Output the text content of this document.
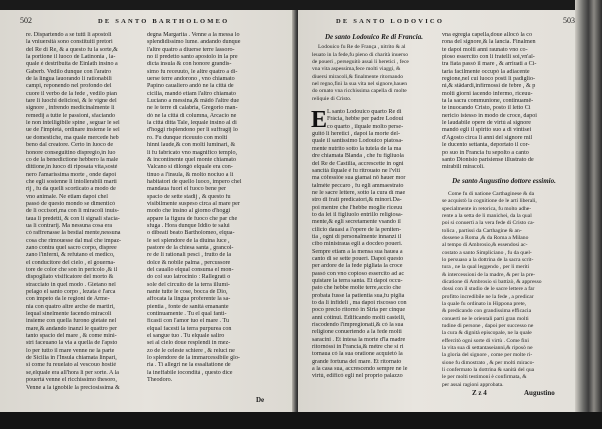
502	DE SANTO BARTHOLOMEO
re. Dispartendo a se tutti li apostoli
la vniuersità sono constituiti pretori
del Re di Re, & a questo fu la sorte,&
la portione il luoco de Latinonia , la-
quale è destribuita de Einlath insino a
Gaberb. Vedilo dunque con l'aratro
de la lingua lauorando li rationabili
campi, reponendo nel profondo del
cuore il verbo de la fede , vedilo pian
tare li luochi deliciosi, & le vigne del
signore , infrendo medicinalmente li
remedij a tutte le passioni, sfaciando
le non intelligibile spine , seguar le sel
ue de l'impietà, ordinare insieme le sel
ue domestiche, ma quale mercede heb
beno dal creatore. Certo in luoco de
honore conseguitino dispregio,in luo
co de la benedictione hebbero la male
dittione,in luoco di riposata vita,sostè
nero l'amarissima morte , onde dapoi
che egli sostenne li intollerabili marti
rij , fu da quelli scorticato a modo de
vno animale. Ne etiam dapoi chel
passò de questo mondo se dimenticò
de li occisori,ma con li miracoli inuis-
taua li predetti, & con li signali sfacia-
ua li contrarij. Ma nessuna cosa era
cò raffrenasse la bestial mente,nessuna
cosa che rimouesse dal mal che impaz-
zano contra quel sacro corpo, dispree
zano l'inferni, & refutano el medico,
el conducitore del cielo , el gouerna-
tore de color che son in pericolo ,& il
dispogliato visificatore del morto &
stracciato in quel modo . Gietano nel
pelago el santo corpo , lezata è l'arca
con impeto da le regioni de Arme-
nia con quatro altre arche de martiri,
lequal sinelmente facendo miracoli
insieme con quella furono gietate nel
mare,& andando inanzi le quattro per
tanto spacio del mare , & come mini-
stri faceuano la via a quella de l'apsto
lo per tutto il mare venne ne la parte
de Sicilia in l'Insula chiamata linpari,
si come fu reuelato al vescouo hostiè
se,elquale era all'hora li per sorte. A la
pouertà venne el ricchissimo thesoro,
Venne a la ignobile la preciosissima &
degna Margarita . Venne a la messa lo
splendidissimo lume. andando dunque
l'altre quatro a diuerse terre lassoro-
no il predetto santo apostolo in la pre
dicta insula & con honore grandis-
simo fu receuuto, le altre quatro a di-
uerse terre andorono , vno chiamato
Papino caualiero andò ne la città de
cicilia, mandò etiam l'altro chiamato
Luciano a messina,& mādò l'altre due
ne le terre di calabria, Gregorio man-
dò ne la città di columna, Arcacio ne
la città ditta Tale, lequale insino al di
d'hoggi risplendono per li suffragij lo
ro. Fu dunque riceuuto con molti
hinni laude,& con molti luminari, &
li fu fabricato vno magnifico templo,
& incontinente quel monte chiamato
Valcano si dilongò elquale era con-
tinuo a l'insula, & molto nociuo a li
habitatori de quello luoco, impero chel
mandaua fuori el fuoco bene per
spacio de sette stadij , & questo fu
visibilmente suspeso circa al mare per
modo che insino al giorno d'hoggi
appare la figura de fuoco che par che
sfuga . Hora dunque Iddio te salui
o dibeati beato Bartholomeo, elqua-
le sei splendore de la diuina luce ,
pastore de la chiesa santa , grancol-
re de li rationali pesci , frutto de la
dolce & nobile palma , percussore
del cauallo elqual consuma el mon-
do col suo latrocinio : Rallegrati o
sole del circuito de la terra illumi-
nante tutte le cose, bocca de Dio,
affocata la lingua proferente la sa-
pientia , fonte de sanità emanante
continuamente . Tu el qual fanti-
ficasti con l'amor tuo el mare . Tu
elqual facesti la terra purpurea con
el sangue tuo . Tu elquale saliro
sei al cielo doue resplendi in mez-
zo de le celeste schiere , & reluci ne
lo splendore de la immarcessibile glo-
ria . Ti allegri ne la essaltatione de
la ineffabile iocondità , questo dice
Theodoro.
De
DE SANTO LODOVICO	503
De santo Lodouico Re di Francia.
Lodouico fu Re de França , nitrito & al
leuato in la fede,fu pieno di charità inuerso
de poueri , perseguitò assai li heretici , fece
vna vita aspessima,fece molti viaggi, &
diuersi miracoli,& finalmente ritornando
nel regno,finì la sua vita nel signore,hauen
do ornato vna ricchissima capella di molte
reliquie di Cristo.
E L santo Lodouico quarto Re di
Fràcia, hebbe per padre Lodoui
co quarto , ilquale molto perse-
guitò li heretici , dapoi la morte del-
quale il santissimo Lodouico piatosa-
mente nutrito sotto la tutela de la ma
dre chiamata Blanda , che fu figliuola
del Re de Castilia, accrescette in ogni
sancità ilquale è fu ritrouato ne l'vlti
ma còfessiòe sua giamai nō hauer mor
talmète peccaro , fu egli ammaestrato
ne le sacre lettere, sotto la cura dì mae
stro di frati predicatori,& minori.Da-
poi mentre che l'hebbe moglie riceuu
to da lei il figliuolo entrillo religiosa-
mente,& egli secretamente vsando il
cilicio dauasi a l'opere de la peniten-
tia , ogni dì personalmente innanzi il
cibo ministraua egli a docdeo poueri.
Sempre etiam a la mensa sua hauea a
canto di se sette poueri. Dapoi questo
per ardore de la fede pigliata la croce
passò con vno copioso essercito ad ac
quistare la terra santa. Et dapoi occu-
pato che hebbe molte terre,accio che
probata fusse la patientia sua,fu piglia
to da li infideli , ma dapoi riscosso con
poco precio ritornò in Siria per cinque
anni còtinui. Edificando molti castelli,
riscodendo l'impregionati,& cò la sua
religione conuertendo a la fede molti
saracini . Et intesa la morte d'la madre
ritornòssi in Francia,& mètre che si ri
tornaua cò la sua oratione acquietò la
grande fortuna del mare. Et ritornato
a la casa sua, accrescendo sempre ne le
virtù, edificò egli nel proprio palazzo
vna egregia capella,doue allocò la co
rona del signore,& la lancia. Finalmen
te dapoi molti anni raunato vno co-
pioso essercito con li fratelli soi,vn'al-
tra fiata passò il mare , & arriuati a Ci-
taria facilmente occupò la adiacente
regione,nel cui luoco posti li padiglio-
ni,& stādardi,infirmossi de febre , & p
molti giorni iacendo infermo, riceuu-
ta la sacra communione, continuamē-
te inuocando Cristo, posto il letto Ci
nericio istesso in modo de croce, dapoi
le laudabile opere de virtù al signore
mandò egli il spirito suo a di vintisei
d'Agosto circa li anni del signore mil
le ducento settanta, deportato il cor-
po suo in Francia fu sepolto a canto
santo Dionisio parisiense illustrato de
mirabili miracoli.
De santo Augustino dottore essimio.
Come fu di natione Carthaginese & da
se acquistò la cognitione de le arti liberali,
specialmente in retorica, fu molto adhe-
rente a la setta de li manichei, da la qual
poi si conuertì a la vera fede di Cristo ca-
tolica , partissi da Carthagine & an-
dossene a Roma ,& da Roma a Milano
al tempo di Ambrosio,& essendosi ac-
costato a santo Simpliciano , fu da quel-
lo persuaso a la dottrina de la sacra scrit-
tura , ne la qual leggendo , per li meriti
& intercessioni de la madre, & per la pre-
dicatione di Ambrosio si battizò, & appresso
dossi con il studio de le sacre lettere a far
profitto incredibile ne la fede , a predicar
la quale fu ordinato in Hippona prete,
& predicando con grandissima efficacia
conuertì ne le orientali parti gran molti
tudine di persone , dapoi per successo ne
la cura & dignità episcopale, ne la quale
effercitò ogni sorte di virtù . Come fini
la vita sua di settantaseianni,& riposò ne
la gloria del signore , come per molte ri-
sione fu dimostrato , & per molti miraco-
li confermato la dottrina & sanità del qua
le per molti testimoni è confirmata, &
per assai ragioni approbata.
Z z 4	Augustino
